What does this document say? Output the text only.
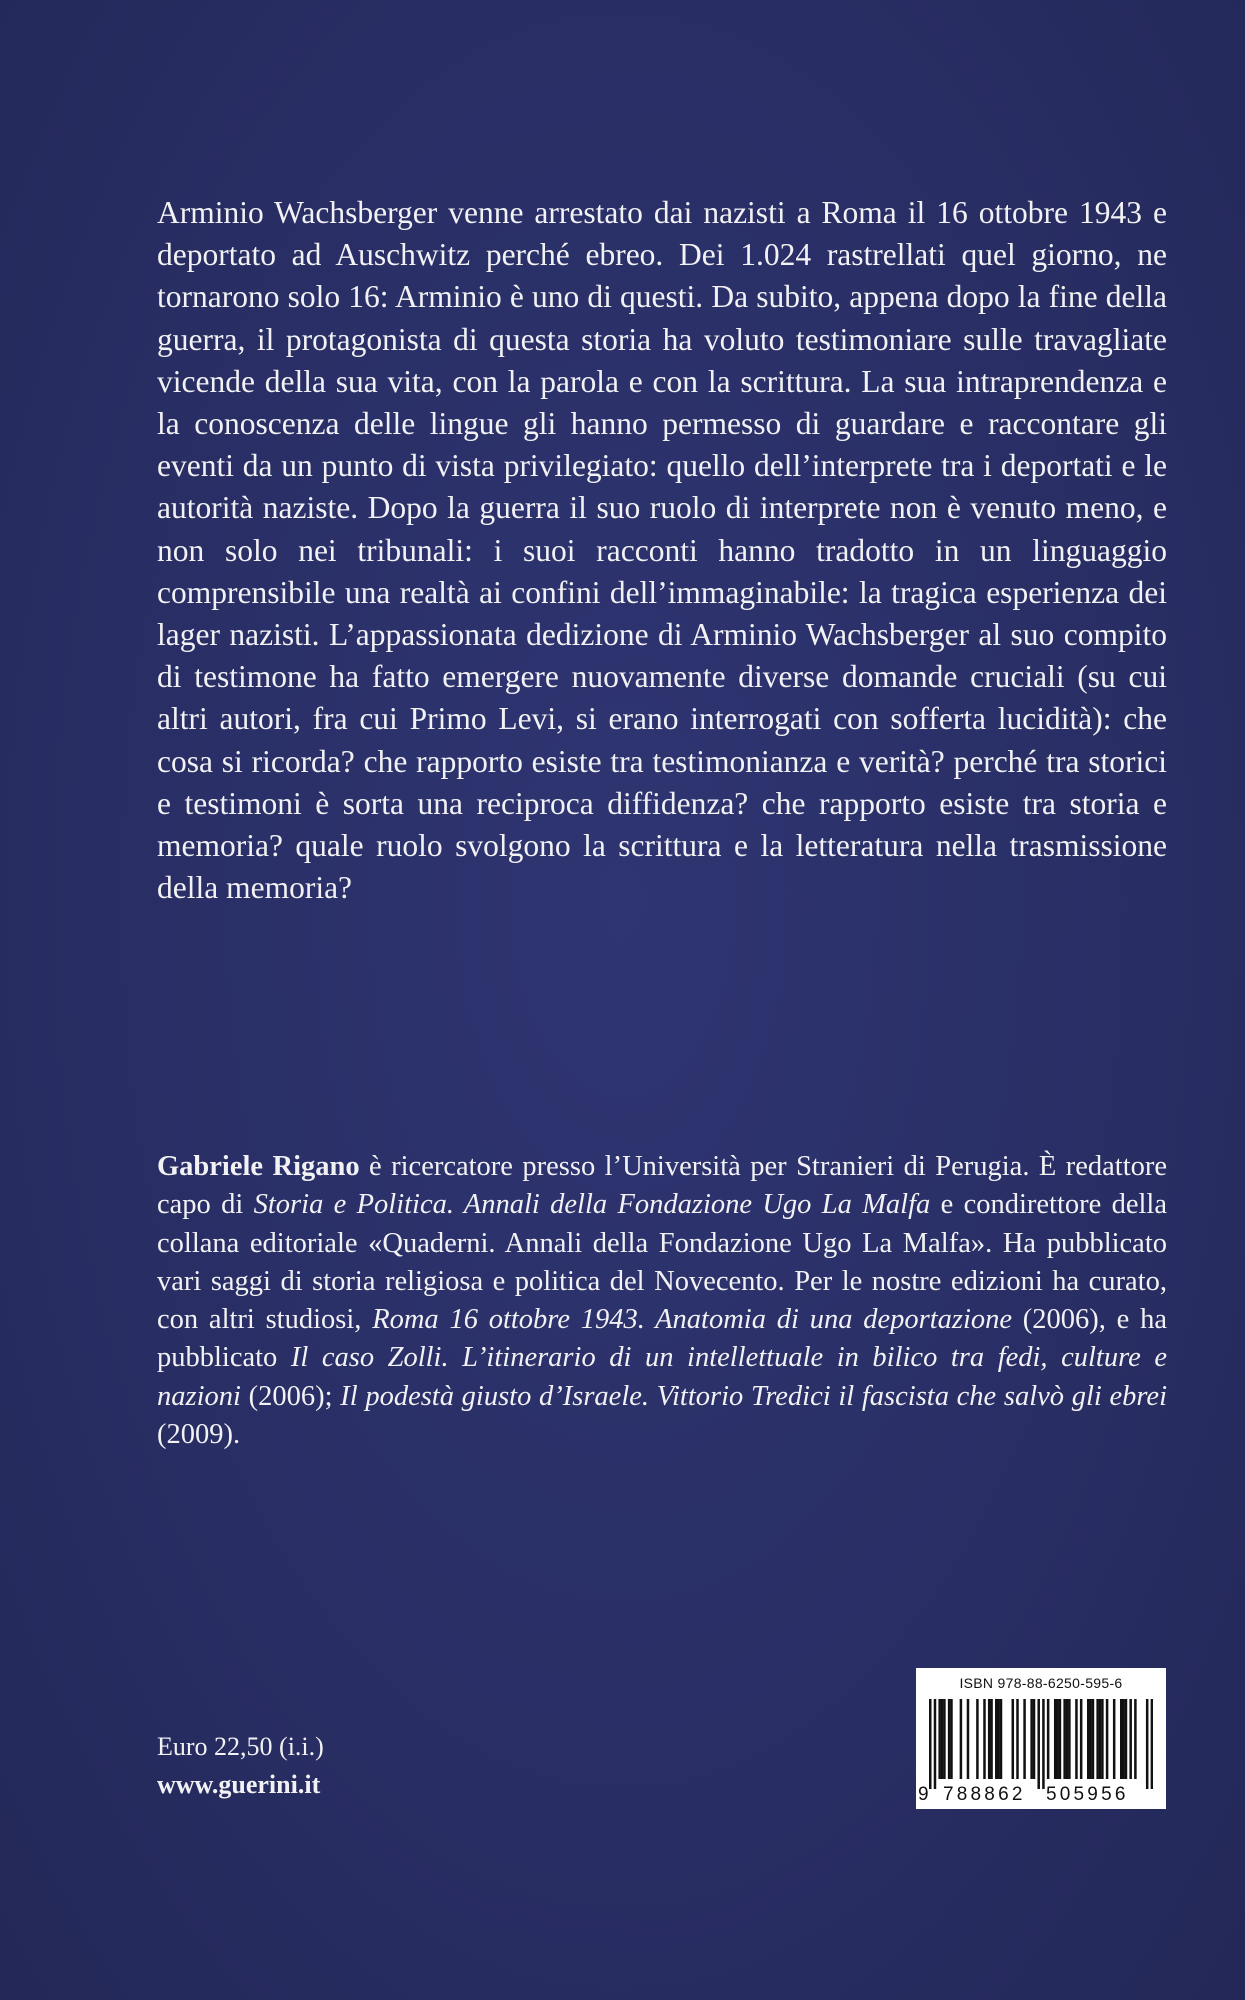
Arminio Wachsberger venne arrestato dai nazisti a Roma il 16 ottobre 1943 e deportato ad Auschwitz perché ebreo. Dei 1.024 rastrellati quel giorno, ne tornarono solo 16: Arminio è uno di questi. Da subito, appena dopo la fine della guerra, il protagonista di questa storia ha voluto testimoniare sulle travagliate vicende della sua vita, con la parola e con la scrittura. La sua intraprendenza e la conoscenza delle lingue gli hanno permesso di guardare e raccontare gli eventi da un punto di vista privilegiato: quello dell’interprete tra i deportati e le autorità naziste. Dopo la guerra il suo ruolo di interprete non è venuto meno, e non solo nei tribunali: i suoi racconti hanno tradotto in un linguaggio comprensibile una realtà ai confini dell’immaginabile: la tragica esperienza dei lager nazisti. L’appassionata dedizione di Arminio Wachsberger al suo compito di testimone ha fatto emergere nuovamente diverse domande cruciali (su cui altri autori, fra cui Primo Levi, si erano interrogati con sofferta lucidità): che cosa si ricorda? che rapporto esiste tra testimonianza e verità? perché tra storici e testimoni è sorta una reciproca diffidenza? che rapporto esiste tra storia e memoria? quale ruolo svolgono la scrittura e la letteratura nella trasmissione della memoria?

Gabriele Rigano è ricercatore presso l’Università per Stranieri di Perugia. È redattore capo di Storia e Politica. Annali della Fondazione Ugo La Malfa e condirettore della collana editoriale «Quaderni. Annali della Fondazione Ugo La Malfa». Ha pubblicato vari saggi di storia religiosa e politica del Novecento. Per le nostre edizioni ha curato, con altri studiosi, Roma 16 ottobre 1943. Anatomia di una deportazione (2006), e ha pubblicato Il caso Zolli. L’itinerario di un intellettuale in bilico tra fedi, culture e nazioni (2006); Il podestà giusto d’Israele. Vittorio Tredici il fascista che salvò gli ebrei (2009).

Euro 22,50 (i.i.)
www.guerini.it
ISBN 978-88-6250-595-6
9 788862 505956
